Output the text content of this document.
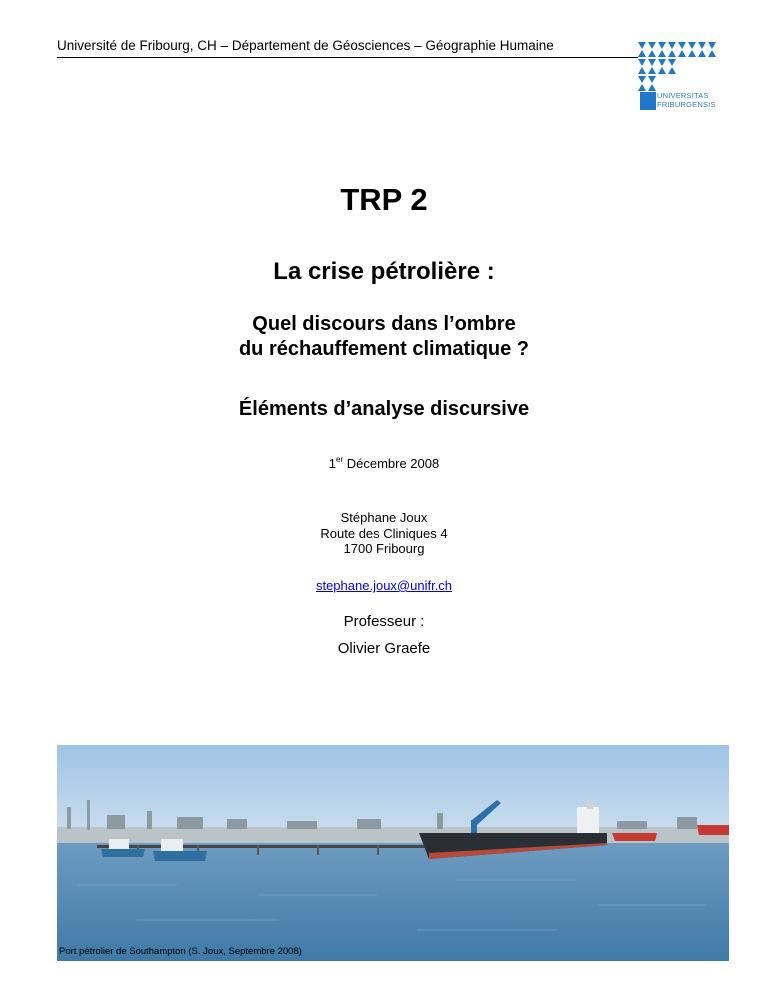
Université de Fribourg, CH – Département de Géosciences – Géographie Humaine
UNIVERSITAS
FRIBURGENSIS
TRP 2
La crise pétrolière :
Quel discours dans l’ombre
du réchauffement climatique ?
Éléments d’analyse discursive
1er Décembre 2008
Stéphane Joux
Route des Cliniques 4
1700 Fribourg
stephane.joux@unifr.ch
Professeur :
Olivier Graefe
Port pétrolier de Southampton (S. Joux, Septembre 2008)
